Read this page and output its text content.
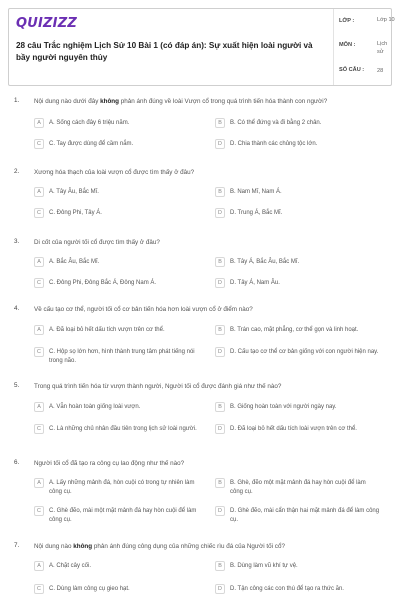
QUIZIZZ
28 câu Trắc nghiệm Lịch Sử 10 Bài 1 (có đáp án): Sự xuất hiện loài người và bầy người nguyên thủy
LỚP :	Lớp 10
MÔN :	Lịch sử
SỐ CÂU : 28
1. Nội dung nào dưới đây không phản ánh đúng về loài Vượn cổ trong quá trình tiến hóa thành con người?
A	A. Sống cách đây 6 triệu năm.	B	B. Có thể đứng và đi bằng 2 chân.
C	C. Tay được dùng để cầm nắm.	D	D. Chia thành các chủng tộc lớn.
2. Xương hóa thạch của loài vượn cổ được tìm thấy ở đâu?
A	A. Tây Âu, Bắc Mĩ.	B	B. Nam Mĩ, Nam Á.
C	C. Đông Phi, Tây Á.	D	D. Trung Á, Bắc Mĩ.
3. Di cốt của người tối cổ được tìm thấy ở đâu?
A	A. Bắc Âu, Bắc Mĩ.	B	B. Tây Á, Bắc Âu, Bắc Mĩ.
C	C. Đông Phi, Đông Bắc Á, Đông Nam Á.	D	D. Tây Á, Nam Âu.
4. Về cấu tạo cơ thể, người tối cổ cơ bản tiến hóa hơn loài vượn cổ ở điểm nào?
A	A. Đã loại bỏ hết dấu tích vượn trên cơ thể.	B	B. Trán cao, mặt phẳng, cơ thể gọn và linh hoạt.
C	C. Hộp sọ lớn hơn, hình thành trung tâm phát tiếng nói trong não.
D	D. Cấu tạo cơ thể cơ bản giống với con người hiện nay.
5. Trong quá trình tiến hóa từ vượn thành người, Người tối cổ được đánh giá như thế nào?
A	A. Vẫn hoàn toàn giống loài vượn.	B	B. Giống hoàn toàn với người ngày nay.
C	C. Là những chủ nhân đầu tiên trong lịch sử loài người.	D	D. Đã loại bỏ hết dấu tích loài vượn trên cơ thể.
6. Người tối cổ đã tạo ra công cụ lao động như thế nào?
A	A. Lấy những mảnh đá, hòn cuội có trong tự nhiên làm công cụ.
B	B. Ghè, đẽo một mặt mảnh đá hay hòn cuội để làm công cụ.
C	C. Ghè đẽo, mài một mặt mảnh đá hay hòn cuội để làm công cụ.
D	D. Ghè đẽo, mài cẩn thận hai mặt mảnh đá để làm công cụ.
7. Nội dung nào không phản ánh đúng công dụng của những chiếc rìu đá của Người tối cổ?
A	A. Chặt cây cối.	B	B. Dùng làm vũ khí tự vệ.
C	C. Dùng làm công cụ gieo hạt.	D	D. Tận công các con thú để tạo ra thức ăn.
